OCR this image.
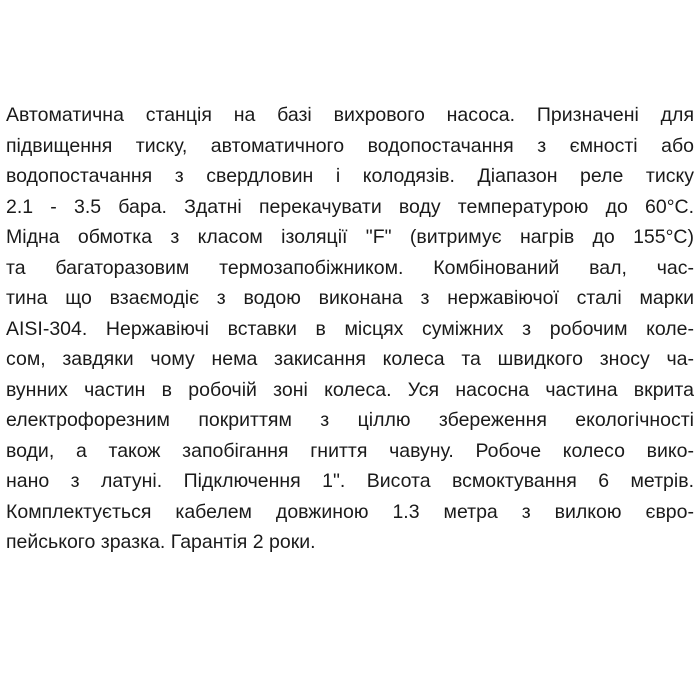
Автоматична станція на базі вихрового насоса. Призначені для
підвищення тиску, автоматичного водопостачання з ємності або
водопостачання з свердловин і колодязів. Діапазон реле тиску
2.1 - 3.5 бара. Здатні перекачувати воду температурою до 60°С.
Мідна обмотка з класом ізоляції "F" (витримує нагрів до 155°С)
та багаторазовим термозапобіжником. Комбінований вал, час-
тина що взаємодіє з водою виконана з нержавіючої сталі марки
AISI-304. Нержавіючі вставки в місцях суміжних з робочим коле-
сом, завдяки чому нема закисання колеса та швидкого зносу ча-
вунних частин в робочій зоні колеса. Уся насосна частина вкрита
електрофорезним покриттям з ціллю збереження екологічності
води, а також запобігання гниття чавуну. Робоче колесо вико-
нано з латуні. Підключення 1". Висота всмоктування 6 метрів.
Комплектується кабелем довжиною 1.3 метра з вилкою євро-
пейського зразка. Гарантія 2 роки.
